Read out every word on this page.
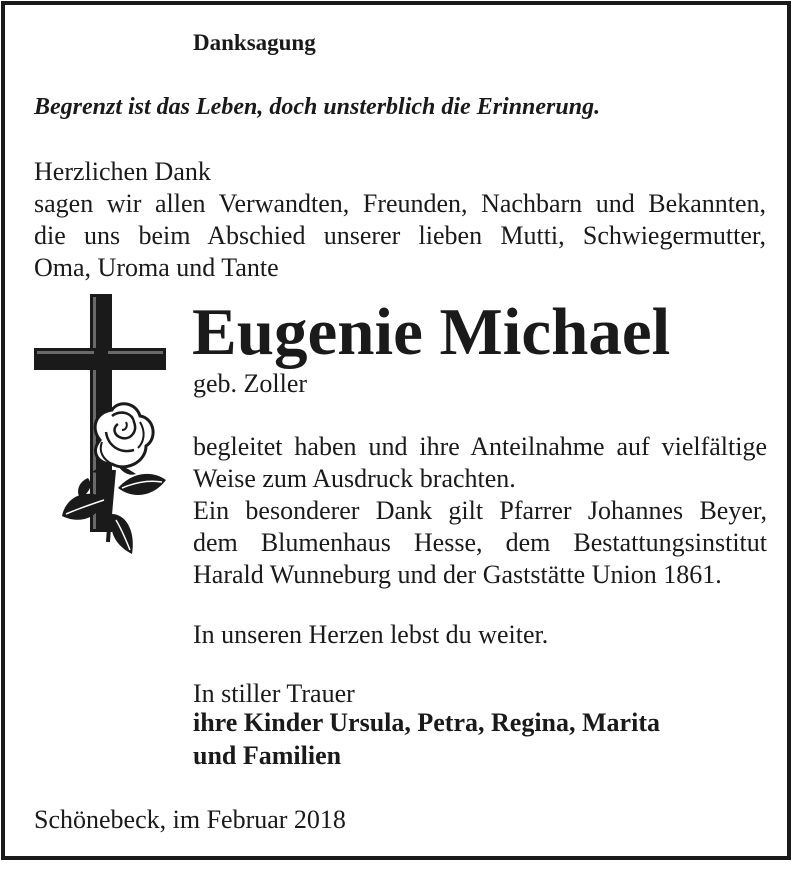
Danksagung

Begrenzt ist das Leben, doch unsterblich die Erinnerung.

Herzlichen Dank
sagen wir allen Verwandten, Freunden, Nachbarn und Bekannten,
die uns beim Abschied unserer lieben Mutti, Schwiegermutter,
Oma, Uroma und Tante

Eugenie Michael

geb. Zoller

begleitet haben und ihre Anteilnahme auf vielfältige
Weise zum Ausdruck brachten.
Ein besonderer Dank gilt Pfarrer Johannes Beyer,
dem Blumenhaus Hesse, dem Bestattungsinstitut
Harald Wunneburg und der Gaststätte Union 1861.

In unseren Herzen lebst du weiter.

In stiller Trauer

ihre Kinder Ursula, Petra, Regina, Marita

und Familien

Schönebeck, im Februar 2018
